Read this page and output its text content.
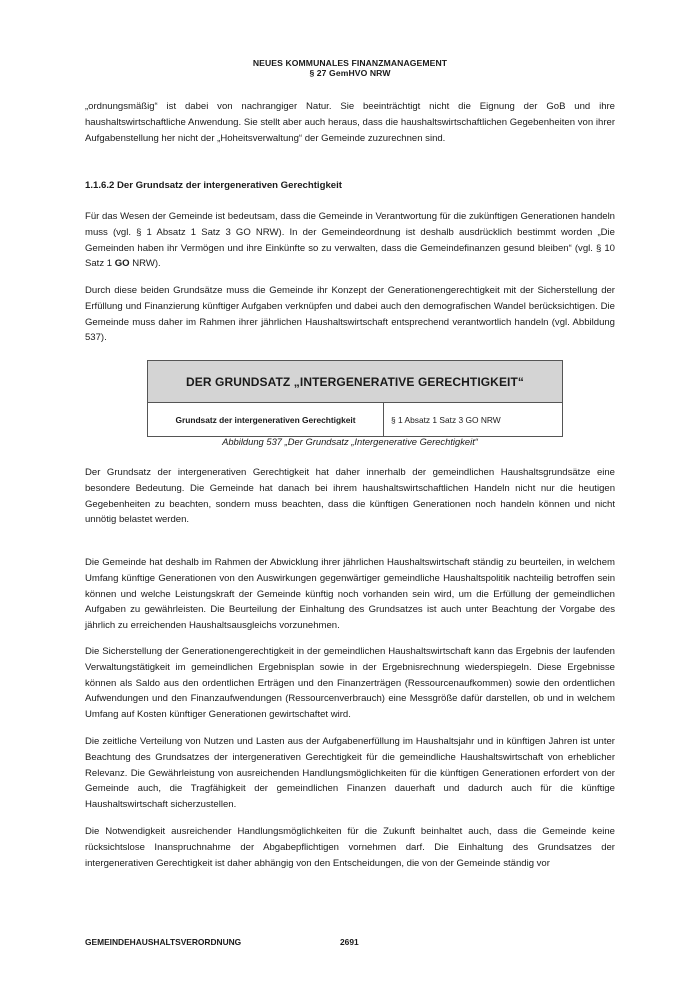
NEUES KOMMUNALES FINANZMANAGEMENT
§ 27 GemHVO NRW

„ordnungsmäßig“ ist dabei von nachrangiger Natur. Sie beeinträchtigt nicht die Eignung der GoB und ihre haushaltswirtschaftliche Anwendung. Sie stellt aber auch heraus, dass die haushaltswirtschaftlichen Gegebenheiten von ihrer Aufgabenstellung her nicht der „Hoheitsverwaltung“ der Gemeinde zuzurechnen sind.

1.1.6.2 Der Grundsatz der intergenerativen Gerechtigkeit

Für das Wesen der Gemeinde ist bedeutsam, dass die Gemeinde in Verantwortung für die zukünftigen Generationen handeln muss (vgl. § 1 Absatz 1 Satz 3 GO NRW). In der Gemeindeordnung ist deshalb ausdrücklich bestimmt worden „Die Gemeinden haben ihr Vermögen und ihre Einkünfte so zu verwalten, dass die Gemeindefinanzen gesund bleiben“ (vgl. § 10 Satz 1 GO NRW).

Durch diese beiden Grundsätze muss die Gemeinde ihr Konzept der Generationengerechtigkeit mit der Sicherstellung der Erfüllung und Finanzierung künftiger Aufgaben verknüpfen und dabei auch den demografischen Wandel berücksichtigen. Die Gemeinde muss daher im Rahmen ihrer jährlichen Haushaltswirtschaft entsprechend verantwortlich handeln (vgl. Abbildung 537).

DER GRUNDSATZ „INTERGENERATIVE GERECHTIGKEIT“
Grundsatz der intergenerativen Gerechtigkeit	§ 1 Absatz 1 Satz 3 GO NRW
Abbildung 537 „Der Grundsatz „Intergenerative Gerechtigkeit“

Der Grundsatz der intergenerativen Gerechtigkeit hat daher innerhalb der gemeindlichen Haushaltsgrundsätze eine besondere Bedeutung. Die Gemeinde hat danach bei ihrem haushaltswirtschaftlichen Handeln nicht nur die heutigen Gegebenheiten zu beachten, sondern muss beachten, dass die künftigen Generationen noch handeln können und nicht unnötig belastet werden.

Die Gemeinde hat deshalb im Rahmen der Abwicklung ihrer jährlichen Haushaltswirtschaft ständig zu beurteilen, in welchem Umfang künftige Generationen von den Auswirkungen gegenwärtiger gemeindliche Haushaltspolitik nachteilig betroffen sein können und welche Leistungskraft der Gemeinde künftig noch vorhanden sein wird, um die Erfüllung der gemeindlichen Aufgaben zu gewährleisten. Die Beurteilung der Einhaltung des Grundsatzes ist auch unter Beachtung der Vorgabe des jährlich zu erreichenden Haushaltsausgleichs vorzunehmen.

Die Sicherstellung der Generationengerechtigkeit in der gemeindlichen Haushaltswirtschaft kann das Ergebnis der laufenden Verwaltungstätigkeit im gemeindlichen Ergebnisplan sowie in der Ergebnisrechnung wiederspiegeln. Diese Ergebnisse können als Saldo aus den ordentlichen Erträgen und den Finanzerträgen (Ressourcenaufkommen) sowie den ordentlichen Aufwendungen und den Finanzaufwendungen (Ressourcenverbrauch) eine Messgröße dafür darstellen, ob und in welchem Umfang auf Kosten künftiger Generationen gewirtschaftet wird.

Die zeitliche Verteilung von Nutzen und Lasten aus der Aufgabenerfüllung im Haushaltsjahr und in künftigen Jahren ist unter Beachtung des Grundsatzes der intergenerativen Gerechtigkeit für die gemeindliche Haushaltswirtschaft von erheblicher Relevanz. Die Gewährleistung von ausreichenden Handlungsmöglichkeiten für die künftigen Generationen erfordert von der Gemeinde auch, die Tragfähigkeit der gemeindlichen Finanzen dauerhaft und dadurch auch für die künftige Haushaltswirtschaft sicherzustellen.

Die Notwendigkeit ausreichender Handlungsmöglichkeiten für die Zukunft beinhaltet auch, dass die Gemeinde keine rücksichtslose Inanspruchnahme der Abgabepflichtigen vornehmen darf. Die Einhaltung des Grundsatzes der intergenerativen Gerechtigkeit ist daher abhängig von den Entscheidungen, die von der Gemeinde ständig vor

GEMEINDEHAUSHALTSVERORDNUNG	2691
